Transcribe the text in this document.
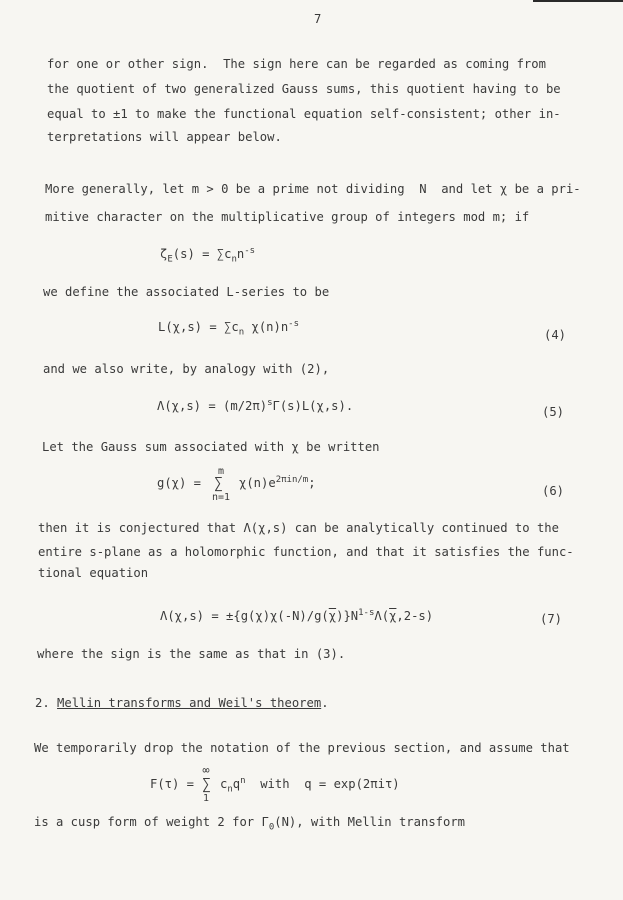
7
for one or other sign.  The sign here can be regarded as coming from
the quotient of two generalized Gauss sums, this quotient having to be
equal to ±1 to make the functional equation self-consistent; other in-
terpretations will appear below.
More generally, let m > 0 be a prime not dividing  N  and let χ be a pri-
mitive character on the multiplicative group of integers mod m; if
$\zeta_E(s) = \sum c_nn^{-s}$
we define the associated L-series to be
$L(\chi,s) = \sum c_n$ $\chi(n)n^{-s}$
(4)
and we also write, by analogy with (2),
$\Lambda(\chi,s) = (m/2\pi)^s\Gamma(s)L(\chi,s)$.	(5)
Let the Gauss sum associated with χ be written
g(χ) =
m
∑
n=1
$\chi(n)e^{2\pi in/m}$;
(6)
then it is conjectured that Λ(χ,s) can be analytically continued to the
entire s-plane as a holomorphic function, and that it satisfies the func-
tional equation
$\Lambda(\chi,s) = \pm\{g(\chi)\chi(-N)/g(\overline{\chi})\}N^{1-s}\Lambda(\overline{\chi},2-s)$	(7)
where the sign is the same as that in (3).
2. Mellin transforms and Weil's theorem.
We temporarily drop the notation of the previous section, and assume that
F(τ) =
∞
∑
1
$c_nq^n$  with  q = exp(2πiτ)
is a cusp form of weight 2 for $\Gamma_0(N)$, with Mellin transform
